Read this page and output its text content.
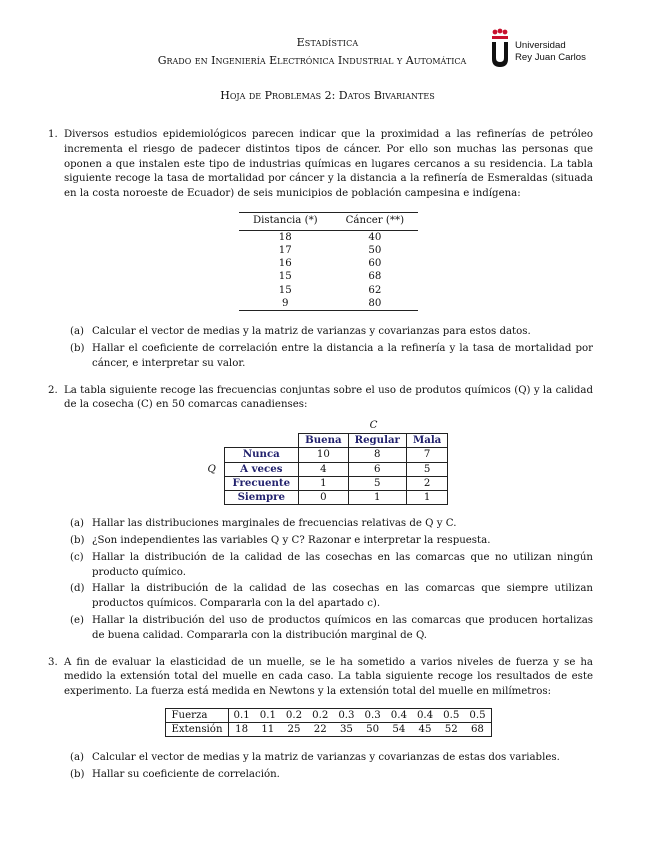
Estadística
Grado en Ingeniería Electrónica Industrial y Automática
Hoja de Problemas 2: Datos Bivariantes
Universidad
Rey Juan Carlos
1. Diversos estudios epidemiológicos parecen indicar que la proximidad a las refinerías de petróleo incrementa el riesgo de padecer distintos tipos de cáncer. Por ello son muchas las personas que oponen a que instalen este tipo de industrias químicas en lugares cercanos a su residencia. La tabla siguiente recoge la tasa de mortalidad por cáncer y la distancia a la refinería de Esmeraldas (situada en la costa noroeste de Ecuador) de seis municipios de población campesina e indígena:

Distancia (*)	Cáncer (**)
18	40
17	50
16	60
15	68
15	62
9	80
(a) Calcular el vector de medias y la matriz de varianzas y covarianzas para estos datos.

(b) Hallar el coeficiente de correlación entre la distancia a la refinería y la tasa de mortalidad por cáncer, e interpretar su valor.

2. La tabla siguiente recoge las frecuencias conjuntas sobre el uso de produtos químicos (Q) y la calidad de la cosecha (C) en 50 comarcas canadienses:

C
Q
	Buena	Regular	Mala
Nunca	10	8	7
A veces	4	6	5
Frecuente	1	5	2
Siempre	0	1	1
(a) Hallar las distribuciones marginales de frecuencias relativas de Q y C.

(b) ¿Son independientes las variables Q y C? Razonar e interpretar la respuesta.

(c) Hallar la distribución de la calidad de las cosechas en las comarcas que no utilizan ningún producto químico.

(d) Hallar la distribución de la calidad de las cosechas en las comarcas que siempre utilizan productos químicos. Compararla con la del apartado c).

(e) Hallar la distribución del uso de productos químicos en las comarcas que producen hortalizas de buena calidad. Compararla con la distribución marginal de Q.

3. A fin de evaluar la elasticidad de un muelle, se le ha sometido a varios niveles de fuerza y se ha medido la extensión total del muelle en cada caso. La tabla siguiente recoge los resultados de este experimento. La fuerza está medida en Newtons y la extensión total del muelle en milímetros:

Fuerza	0.1	0.1	0.2	0.2	0.3	0.3	0.4	0.4	0.5	0.5
Extensión	18	11	25	22	35	50	54	45	52	68
(a) Calcular el vector de medias y la matriz de varianzas y covarianzas de estas dos variables.

(b) Hallar su coeficiente de correlación.
